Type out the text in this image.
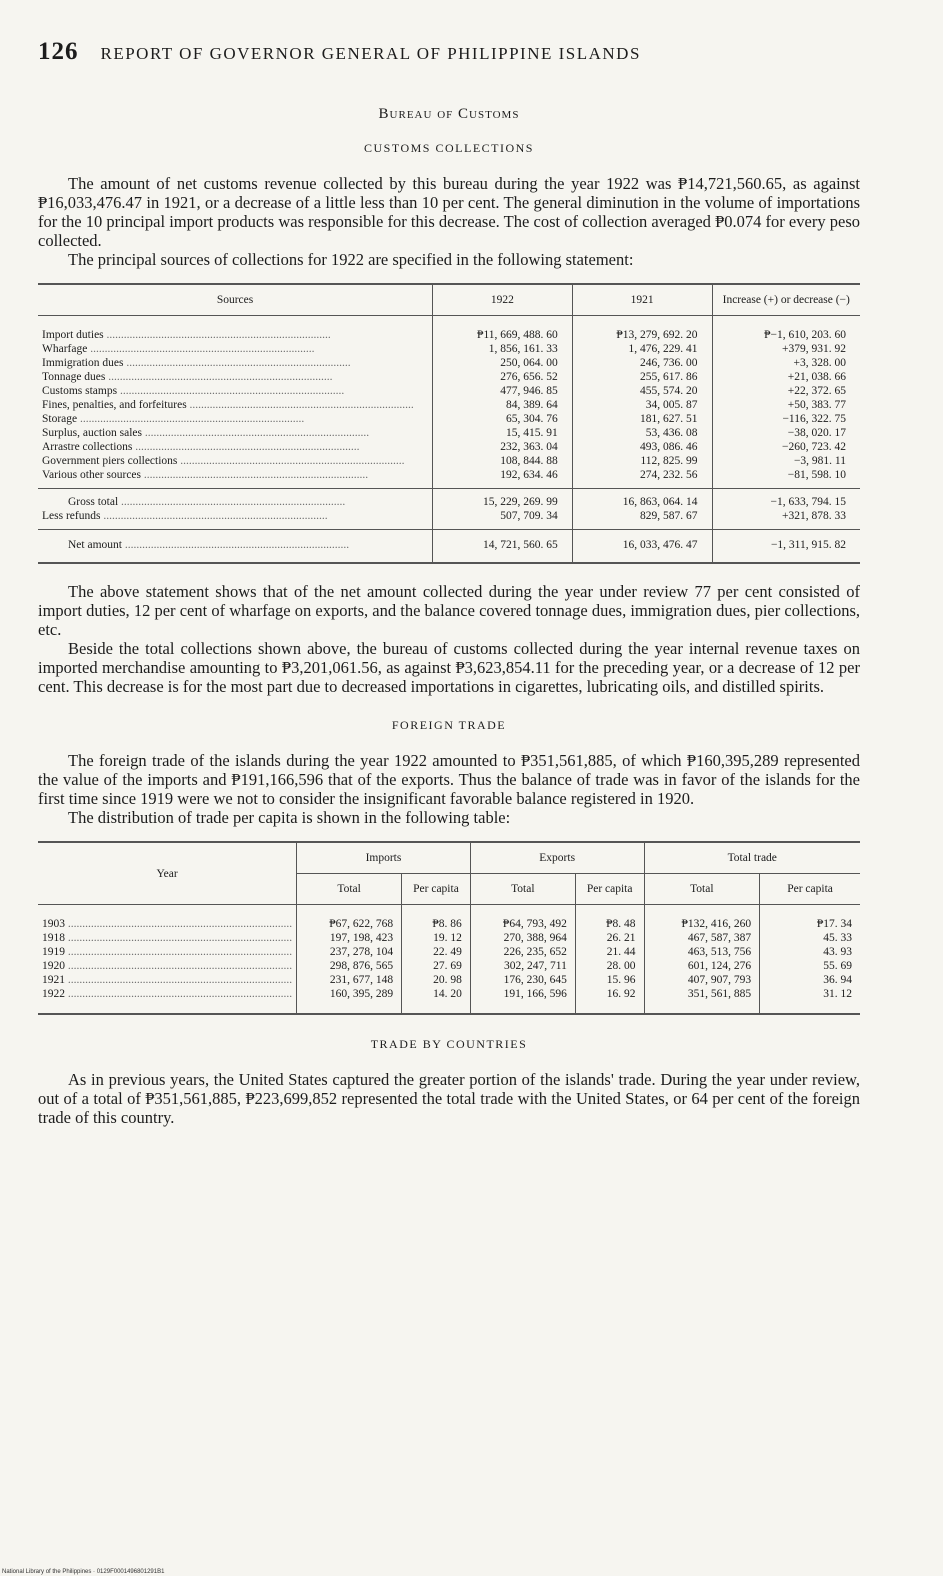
126 REPORT OF GOVERNOR GENERAL OF PHILIPPINE ISLANDS
Bureau of Customs
CUSTOMS COLLECTIONS

The amount of net customs revenue collected by this bureau during the year 1922 was ₱14,721,560.65, as against ₱16,033,476.47 in 1921, or a decrease of a little less than 10 per cent. The general diminution in the volume of importations for the 10 principal import products was responsible for this decrease. The cost of collection averaged ₱0.074 for every peso collected.

The principal sources of collections for 1922 are specified in the following statement:

Sources	1922	1921	Increase (+) or decrease (−)
Import duties .....	₱11, 669, 488. 60	₱13, 279, 692. 20	₱−1, 610, 203. 60
Wharfage .....	1, 856, 161. 33	1, 476, 229. 41	+379, 931. 92
Immigration dues .....	250, 064. 00	246, 736. 00	+3, 328. 00
Tonnage dues .....	276, 656. 52	255, 617. 86	+21, 038. 66
Customs stamps .....	477, 946. 85	455, 574. 20	+22, 372. 65
Fines, penalties, and forfeitures .....	84, 389. 64	34, 005. 87	+50, 383. 77
Storage .....	65, 304. 76	181, 627. 51	−116, 322. 75
Surplus, auction sales .....	15, 415. 91	53, 436. 08	−38, 020. 17
Arrastre collections .....	232, 363. 04	493, 086. 46	−260, 723. 42
Government piers collections .....	108, 844. 88	112, 825. 99	−3, 981. 11
Various other sources .....	192, 634. 46	274, 232. 56	−81, 598. 10
Gross total .....	15, 229, 269. 99	16, 863, 064. 14	−1, 633, 794. 15
Less refunds .....	507, 709. 34	829, 587. 67	+321, 878. 33
Net amount .....	14, 721, 560. 65	16, 033, 476. 47	−1, 311, 915. 82

The above statement shows that of the net amount collected during the year under review 77 per cent consisted of import duties, 12 per cent of wharfage on exports, and the balance covered tonnage dues, immigration dues, pier collections, etc.

Beside the total collections shown above, the bureau of customs collected during the year internal revenue taxes on imported merchandise amounting to ₱3,201,061.56, as against ₱3,623,854.11 for the preceding year, or a decrease of 12 per cent. This decrease is for the most part due to decreased importations in cigarettes, lubricating oils, and distilled spirits.

FOREIGN TRADE

The foreign trade of the islands during the year 1922 amounted to ₱351,561,885, of which ₱160,395,289 represented the value of the imports and ₱191,166,596 that of the exports. Thus the balance of trade was in favor of the islands for the first time since 1919 were we not to consider the insignificant favorable balance registered in 1920.

The distribution of trade per capita is shown in the following table:

Year	Imports		Exports		Total trade	
	Total	Per capita	Total	Per capita	Total	Per capita
1903 .....	₱67, 622, 768	₱8. 86	₱64, 793, 492	₱8. 48	₱132, 416, 260	₱17. 34
1918 .....	197, 198, 423	19. 12	270, 388, 964	26. 21	467, 587, 387	45. 33
1919 .....	237, 278, 104	22. 49	226, 235, 652	21. 44	463, 513, 756	43. 93
1920 .....	298, 876, 565	27. 69	302, 247, 711	28. 00	601, 124, 276	55. 69
1921 .....	231, 677, 148	20. 98	176, 230, 645	15. 96	407, 907, 793	36. 94
1922 .....	160, 395, 289	14. 20	191, 166, 596	16. 92	351, 561, 885	31. 12
TRADE BY COUNTRIES

As in previous years, the United States captured the greater portion of the islands' trade. During the year under review, out of a total of ₱351,561,885, ₱223,699,852 represented the total trade with the United States, or 64 per cent of the foreign trade of this country.

National Library of the Philippines · 0129F0001496801291B1
